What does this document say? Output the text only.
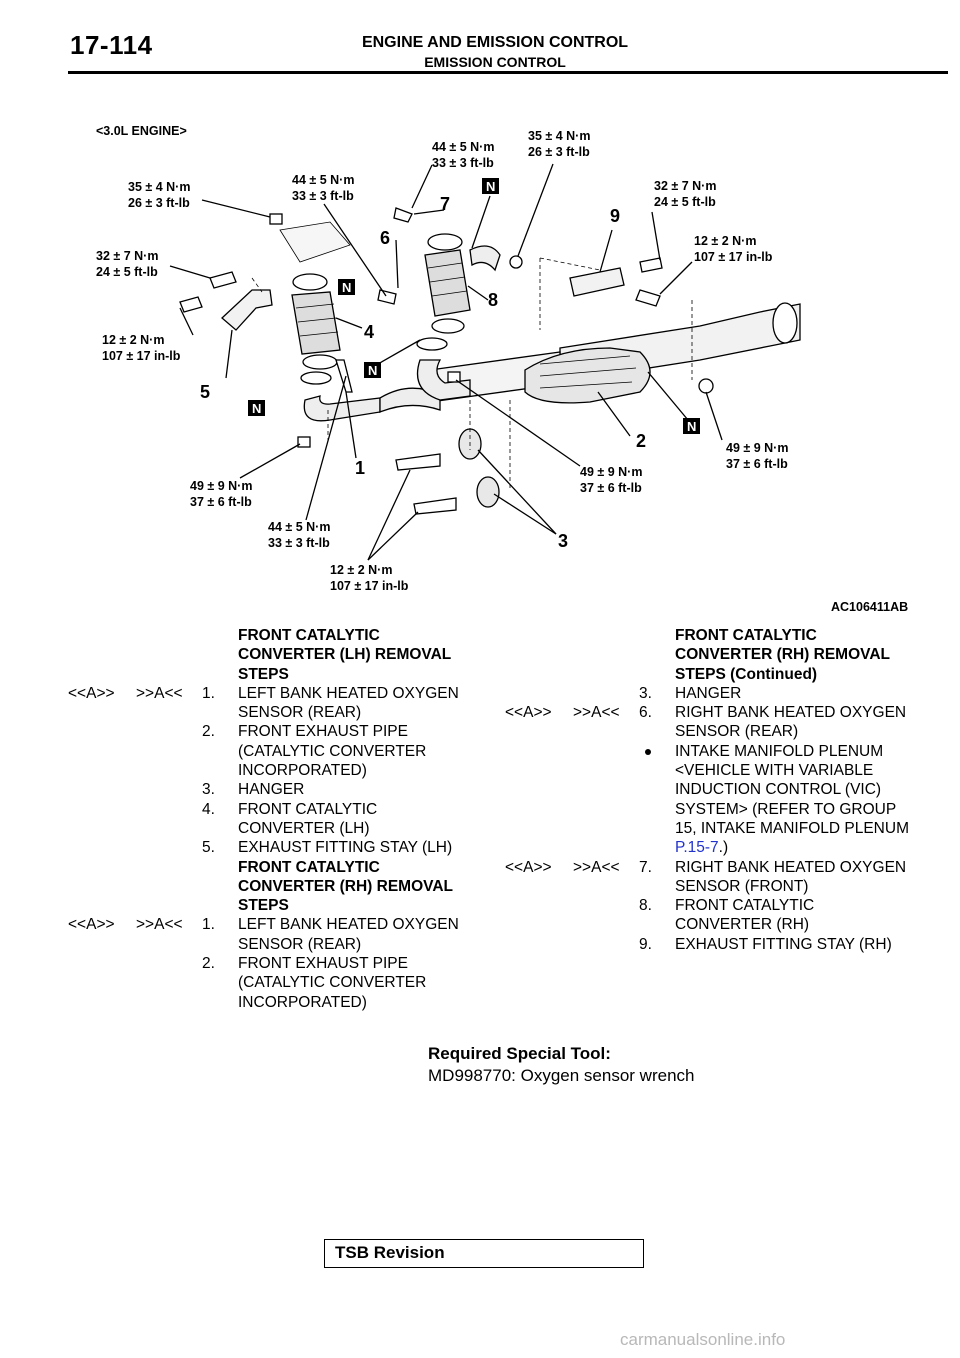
17-114	ENGINE AND EMISSION CONTROL
EMISSION CONTROL
1
2
3
4
5
6
7
8
9
N
N
N
N
N
<3.0L ENGINE>
AC106411AB
44 ± 5 N·m
33 ± 3 ft-lb
35 ± 4 N·m
26 ± 3 ft-lb
35 ± 4 N·m
26 ± 3 ft-lb
44 ± 5 N·m
33 ± 3 ft-lb
32 ± 7 N·m
24 ± 5 ft-lb
12 ± 2 N·m
107 ± 17 in-lb
32 ± 7 N·m
24 ± 5 ft-lb
12 ± 2 N·m
107 ± 17 in-lb
49 ± 9 N·m
37 ± 6 ft-lb
49 ± 9 N·m
37 ± 6 ft-lb
49 ± 9 N·m
37 ± 6 ft-lb
44 ± 5 N·m
33 ± 3 ft-lb
12 ± 2 N·m
107 ± 17 in-lb
FRONT CATALYTIC CONVERTER (LH) REMOVAL STEPS
<<A>> >>A<< 1. LEFT BANK HEATED OXYGEN SENSOR (REAR)
2. FRONT EXHAUST PIPE (CATALYTIC CONVERTER INCORPORATED)
3. HANGER
4. FRONT CATALYTIC CONVERTER (LH)
5. EXHAUST FITTING STAY (LH)
FRONT CATALYTIC CONVERTER (RH) REMOVAL STEPS
<<A>> >>A<< 1. LEFT BANK HEATED OXYGEN SENSOR (REAR)
2. FRONT EXHAUST PIPE (CATALYTIC CONVERTER INCORPORATED)
FRONT CATALYTIC CONVERTER (RH) REMOVAL STEPS (Continued)
3. HANGER
<<A>> >>A<< 6. RIGHT BANK HEATED OXYGEN SENSOR (REAR)
INTAKE MANIFOLD PLENUM <VEHICLE WITH VARIABLE INDUCTION CONTROL (VIC) SYSTEM> (REFER TO GROUP 15, INTAKE MANIFOLD PLENUM P.15-7.)
<<A>> >>A<< 7. RIGHT BANK HEATED OXYGEN SENSOR (FRONT)
8. FRONT CATALYTIC CONVERTER (RH)
9. EXHAUST FITTING STAY (RH)
Required Special Tool:
MD998770: Oxygen sensor wrench
TSB Revision
carmanualsonline.info
